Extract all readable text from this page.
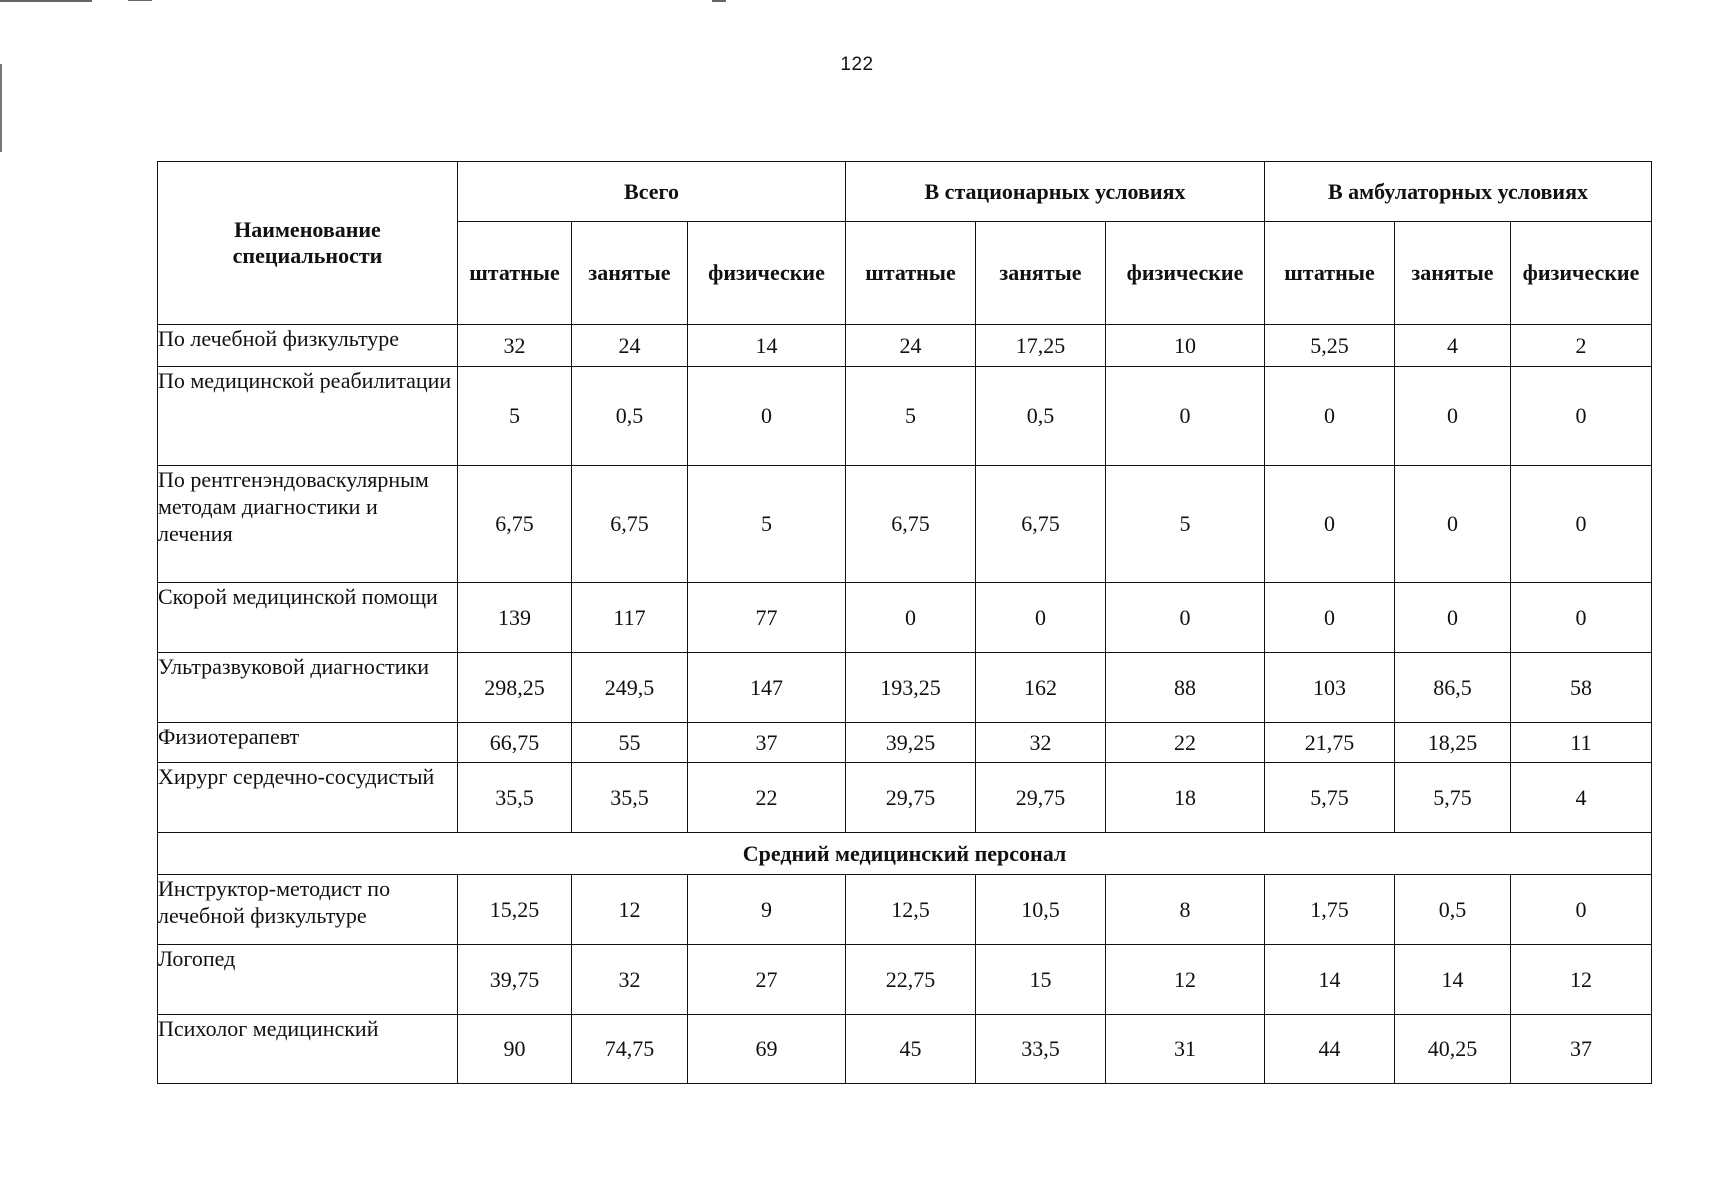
122
Наименование специальности	Всего			В стационарных условиях			В амбулаторных условиях		
	штатные	занятые	физические	штатные	занятые	физические	штатные	занятые	физические
По лечебной физкультуре	32	24	14	24	17,25	10	5,25	4	2
По медицинской реабилитации	5	0,5	0	5	0,5	0	0	0	0
По рентгенэндоваскулярным методам диагностики и лечения	6,75	6,75	5	6,75	6,75	5	0	0	0
Скорой медицинской помощи	139	117	77	0	0	0	0	0	0
Ультразвуковой диагностики	298,25	249,5	147	193,25	162	88	103	86,5	58
Физиотерапевт	66,75	55	37	39,25	32	22	21,75	18,25	11
Хирург сердечно-сосудистый	35,5	35,5	22	29,75	29,75	18	5,75	5,75	4
Средний медицинский персонал									
Инструктор-методист по лечебной физкультуре	15,25	12	9	12,5	10,5	8	1,75	0,5	0
Логопед	39,75	32	27	22,75	15	12	14	14	12
Психолог медицинский	90	74,75	69	45	33,5	31	44	40,25	37
